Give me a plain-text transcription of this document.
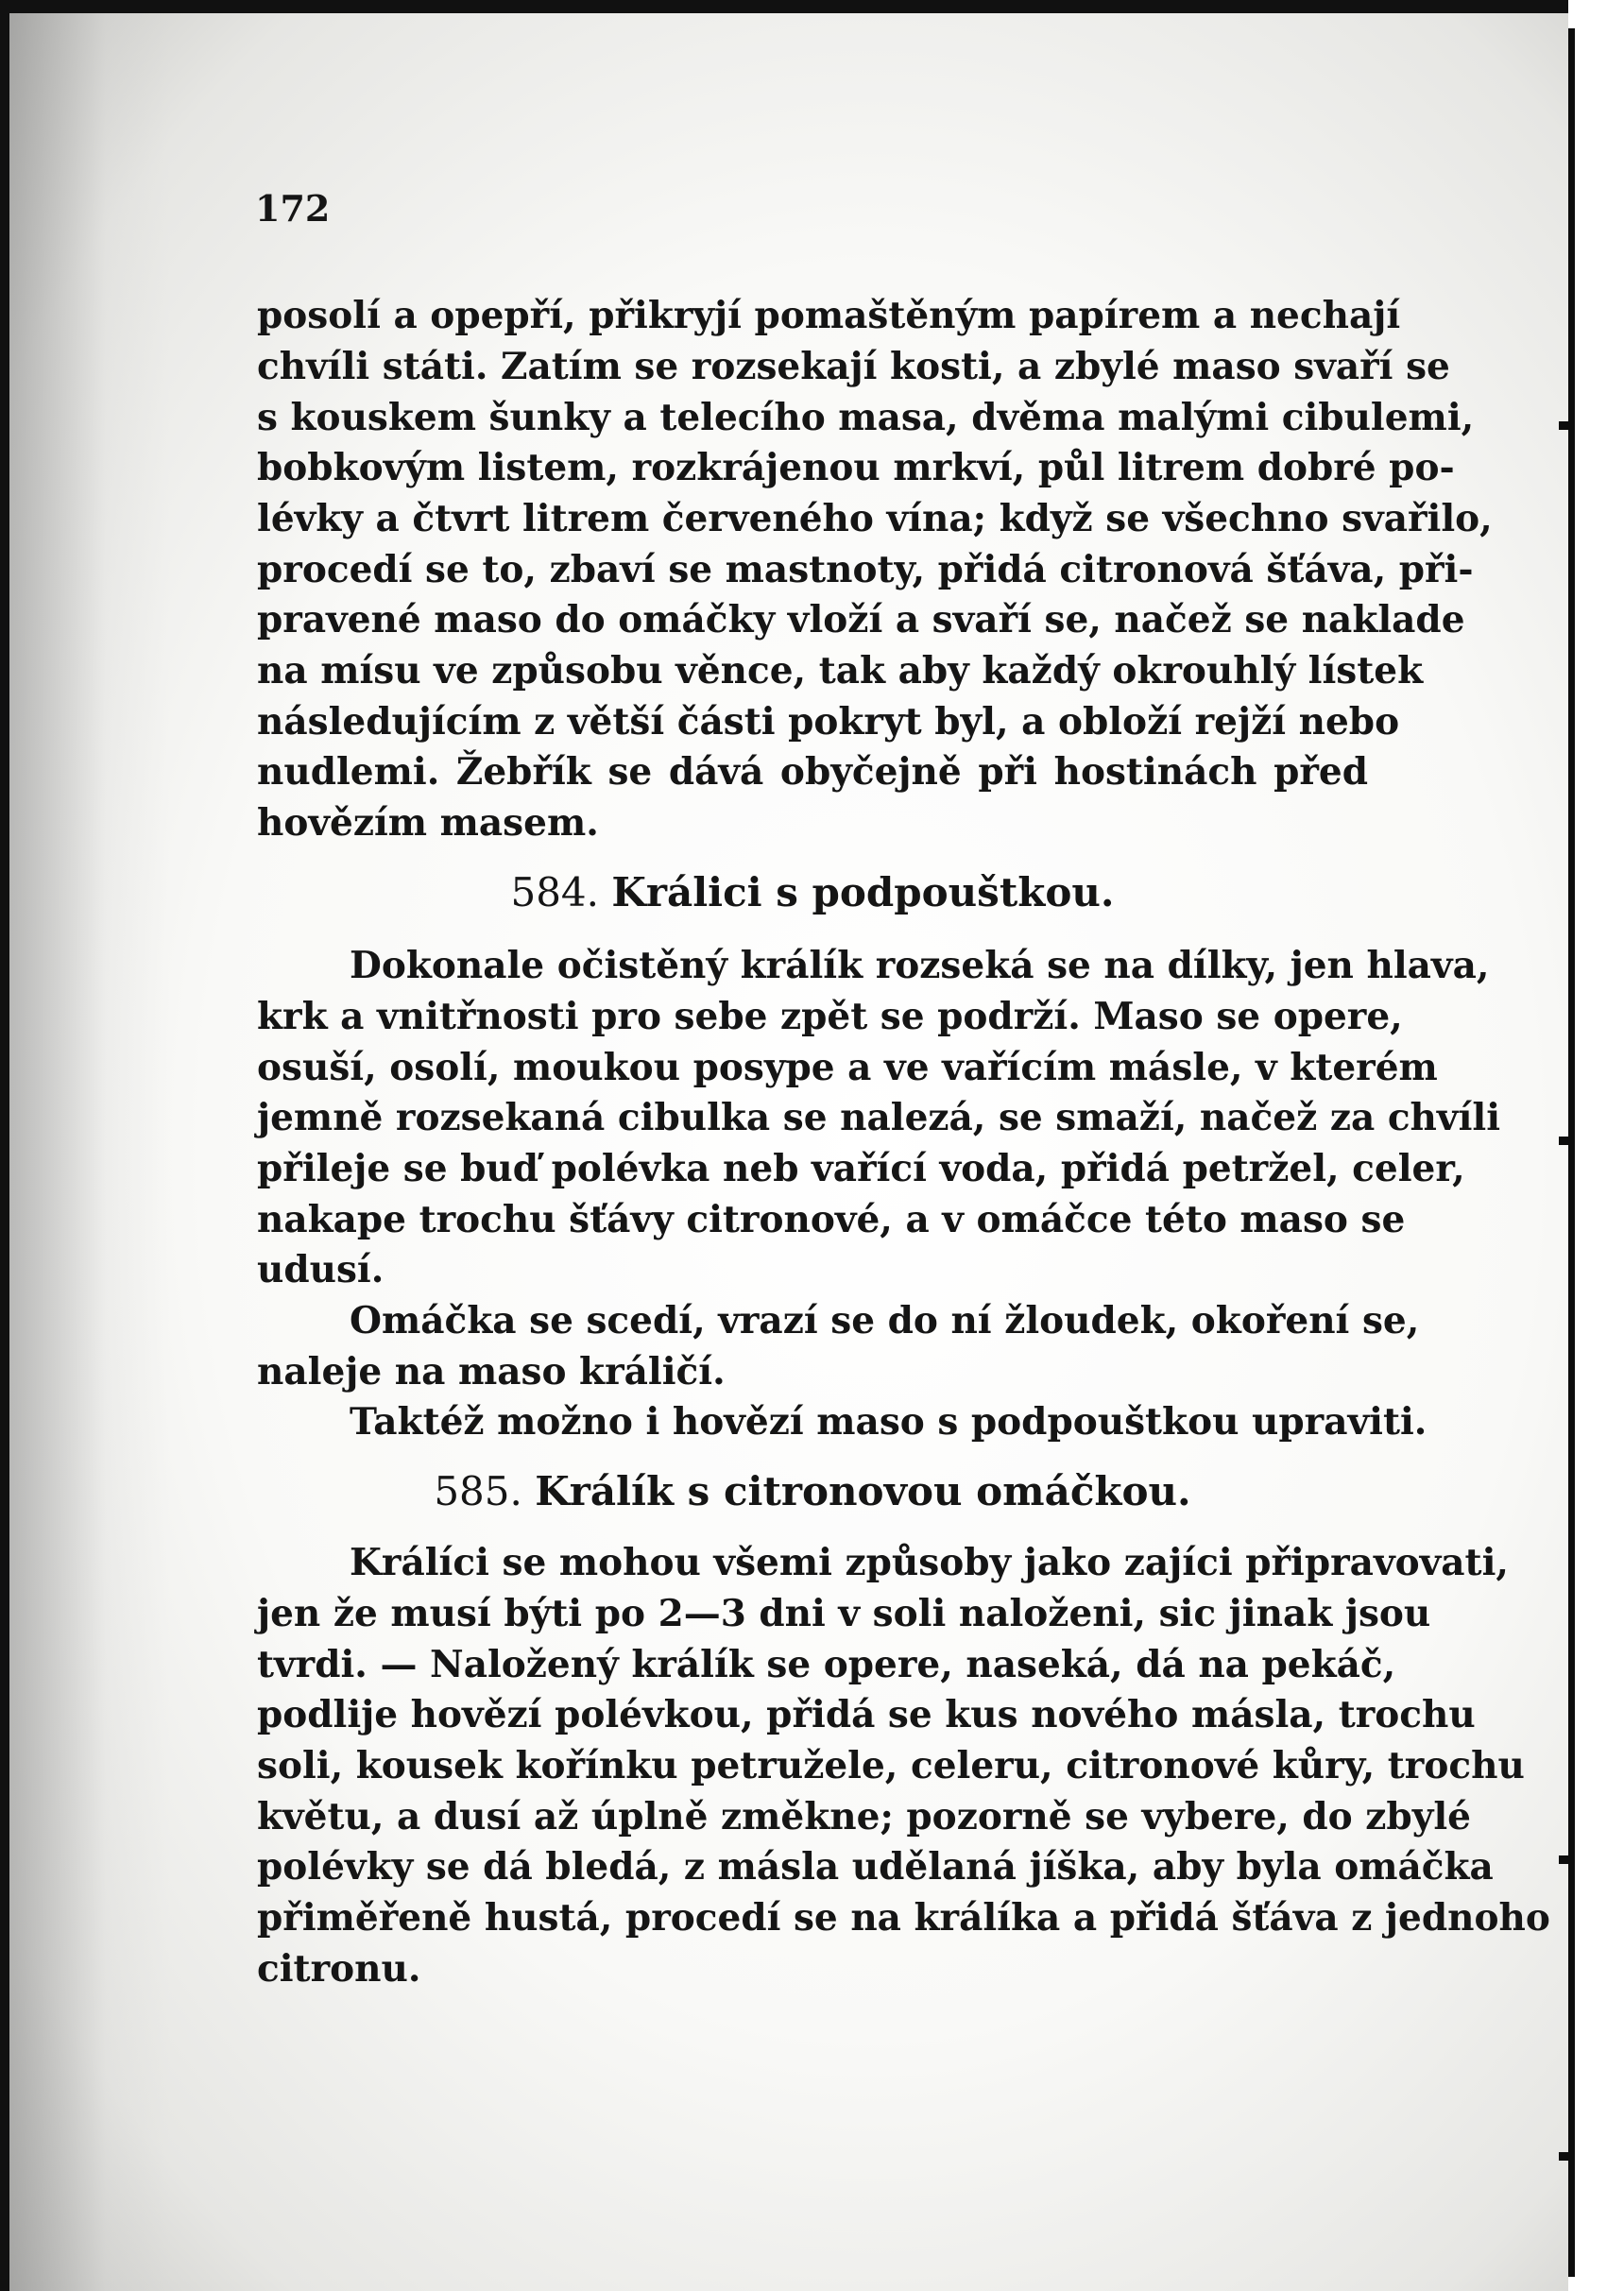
172
posolí a opepří, přikryjí pomaštěným papírem a nechají
chvíli státi. Zatím se rozsekají kosti, a zbylé maso svaří se
s kouskem šunky a telecího masa, dvěma malými cibulemi,
bobkovým listem, rozkrájenou mrkví, půl litrem dobré po-
lévky a čtvrt litrem červeného vína; když se všechno svařilo,
procedí se to, zbaví se mastnoty, přidá citronová šťáva, při-
pravené maso do omáčky vloží a svaří se, načež se naklade
na mísu ve způsobu věnce, tak aby každý okrouhlý lístek
následujícím z větší části pokryt byl, a obloží rejží nebo
nudlemi. Žebřík se dává obyčejně při hostinách před
hovězím masem.
584. Králici s podpouštkou.
Dokonale očistěný králík rozseká se na dílky, jen hlava,
krk a vnitřnosti pro sebe zpět se podrží. Maso se opere,
osuší, osolí, moukou posype a ve vařícím másle, v kterém
jemně rozsekaná cibulka se nalezá, se smaží, načež za chvíli
přileje se buď polévka neb vařící voda, přidá petržel, celer,
nakape trochu šťávy citronové, a v omáčce této maso se
udusí.
Omáčka se scedí, vrazí se do ní žloudek, okoření se,
naleje na maso králičí.
Taktéž možno i hovězí maso s podpouštkou upraviti.
585. Králík s citronovou omáčkou.
Králíci se mohou všemi způsoby jako zajíci připravovati,
jen že musí býti po 2—3 dni v soli naloženi, sic jinak jsou
tvrdi. — Naložený králík se opere, naseká, dá na pekáč,
podlije hovězí polévkou, přidá se kus nového másla, trochu
soli, kousek kořínku petružele, celeru, citronové kůry, trochu
květu, a dusí až úplně změkne; pozorně se vybere, do zbylé
polévky se dá bledá, z másla udělaná jíška, aby byla omáčka
přiměřeně hustá, procedí se na králíka a přidá šťáva z jednoho
citronu.
